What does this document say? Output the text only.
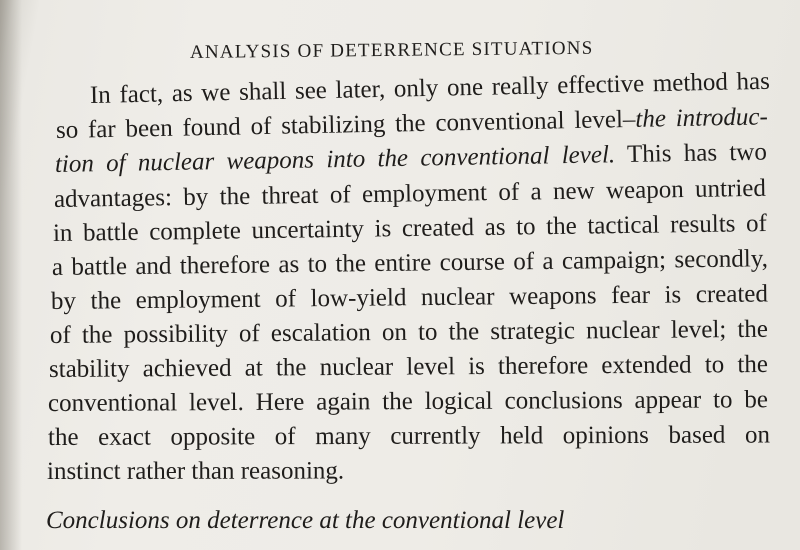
ANALYSIS OF DETERRENCE SITUATIONS
In fact, as we shall see later, only one really effective method has
so far been found of stabilizing the conventional level–the introduc-
tion of nuclear weapons into the conventional level. This has two
advantages: by the threat of employment of a new weapon untried
in battle complete uncertainty is created as to the tactical results of
a battle and therefore as to the entire course of a campaign; secondly,
by the employment of low-yield nuclear weapons fear is created
of the possibility of escalation on to the strategic nuclear level; the
stability achieved at the nuclear level is therefore extended to the
conventional level. Here again the logical conclusions appear to be
the exact opposite of many currently held opinions based on
instinct rather than reasoning.
Conclusions on deterrence at the conventional level
